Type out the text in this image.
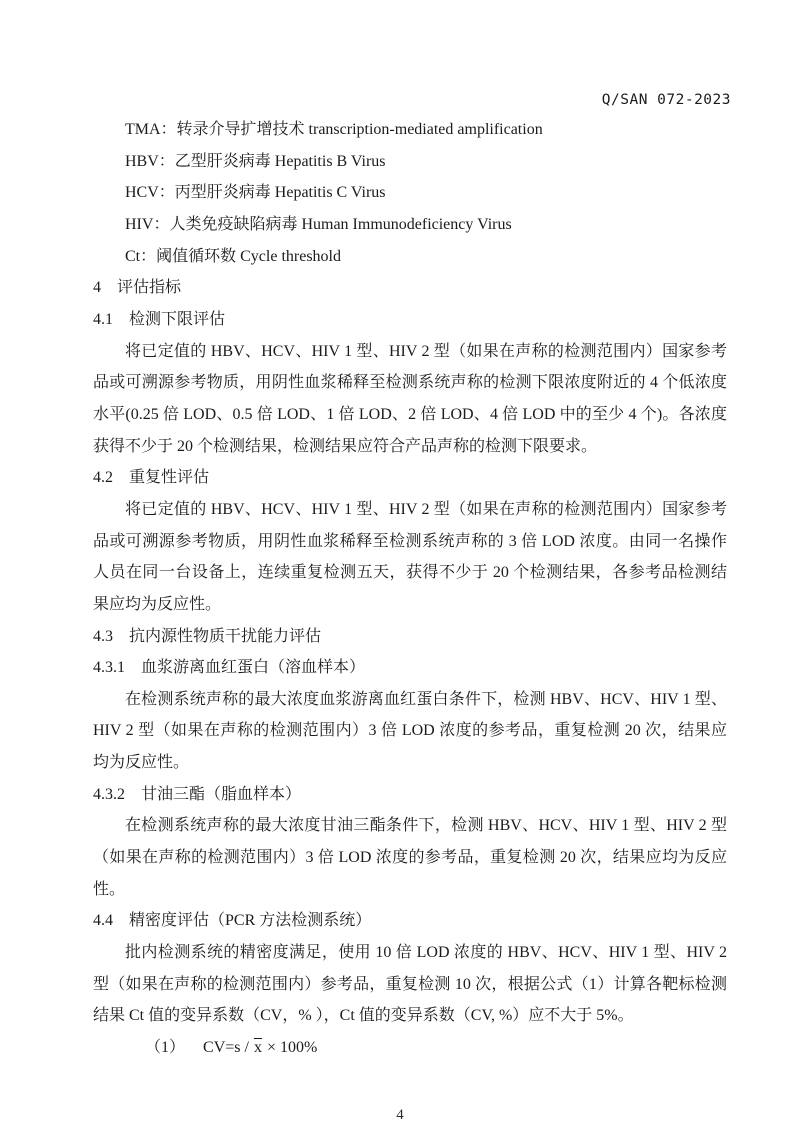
Q/SAN 072-2023
TMA：转录介导扩增技术 transcription-mediated amplification
HBV：乙型肝炎病毒 Hepatitis B Virus
HCV：丙型肝炎病毒 Hepatitis C Virus
HIV：人类免疫缺陷病毒 Human Immunodeficiency Virus
Ct：阈值循环数 Cycle threshold
4 评估指标
4.1 检测下限评估
将已定值的 HBV、HCV、HIV 1 型、HIV 2 型（如果在声称的检测范围内）国家参考
品或可溯源参考物质，用阴性血浆稀释至检测系统声称的检测下限浓度附近的 4 个低浓度
水平(0.25 倍 LOD、0.5 倍 LOD、1 倍 LOD、2 倍 LOD、4 倍 LOD 中的至少 4 个)。各浓度
获得不少于 20 个检测结果，检测结果应符合产品声称的检测下限要求。
4.2 重复性评估
将已定值的 HBV、HCV、HIV 1 型、HIV 2 型（如果在声称的检测范围内）国家参考
品或可溯源参考物质，用阴性血浆稀释至检测系统声称的 3 倍 LOD 浓度。由同一名操作
人员在同一台设备上，连续重复检测五天，获得不少于 20 个检测结果，各参考品检测结
果应均为反应性。
4.3 抗内源性物质干扰能力评估
4.3.1 血浆游离血红蛋白（溶血样本）
在检测系统声称的最大浓度血浆游离血红蛋白条件下，检测 HBV、HCV、HIV 1 型、
HIV 2 型（如果在声称的检测范围内）3 倍 LOD 浓度的参考品，重复检测 20 次，结果应
均为反应性。
4.3.2 甘油三酯（脂血样本）
在检测系统声称的最大浓度甘油三酯条件下，检测 HBV、HCV、HIV 1 型、HIV 2 型
（如果在声称的检测范围内）3 倍 LOD 浓度的参考品，重复检测 20 次，结果应均为反应
性。
4.4 精密度评估（PCR 方法检测系统）
批内检测系统的精密度满足，使用 10 倍 LOD 浓度的 HBV、HCV、HIV 1 型、HIV 2
型（如果在声称的检测范围内）参考品，重复检测 10 次，根据公式（1）计算各靶标检测
结果 Ct 值的变异系数（CV，% ），Ct 值的变异系数（CV, %）应不大于 5%。
（1） $CV=s / \overline{x} \times 100\%$
4
